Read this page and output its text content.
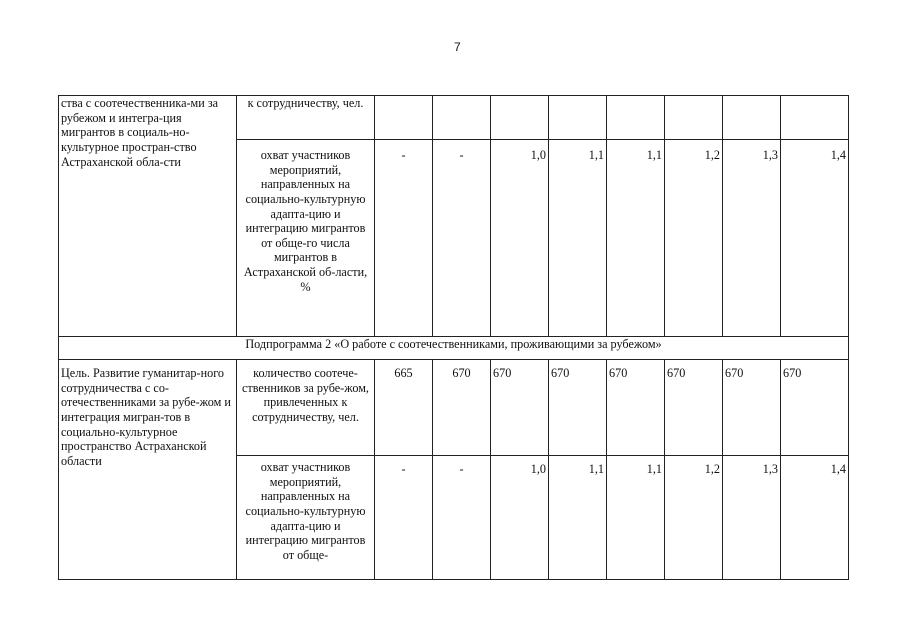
7
ства с соотечественника-ми за рубежом и интегра-ция мигрантов в социаль-но-культурное простран-ство Астраханской обла-сти	к сотрудничеству, чел.								
	охват участников мероприятий, направленных на социально-культурную адапта-цию и интеграцию мигрантов от обще-го числа мигрантов в Астраханской об-ласти, %	-	-	1,0	1,1	1,1	1,2	1,3	1,4
Подпрограмма 2 «О работе с соотечественниками, проживающими за рубежом»									
Цель. Развитие гуманитар-ного сотрудничества с со-отечественниками за рубе-жом и интеграция мигран-тов в социально-культурное пространство Астраханской области	количество соотече-ственников за рубе-жом, привлеченных к сотрудничеству, чел.	665	670	670	670	670	670	670	670
	охват участников мероприятий, направленных на социально-культурную адапта-цию и интеграцию мигрантов от обще-	-	-	1,0	1,1	1,1	1,2	1,3	1,4
